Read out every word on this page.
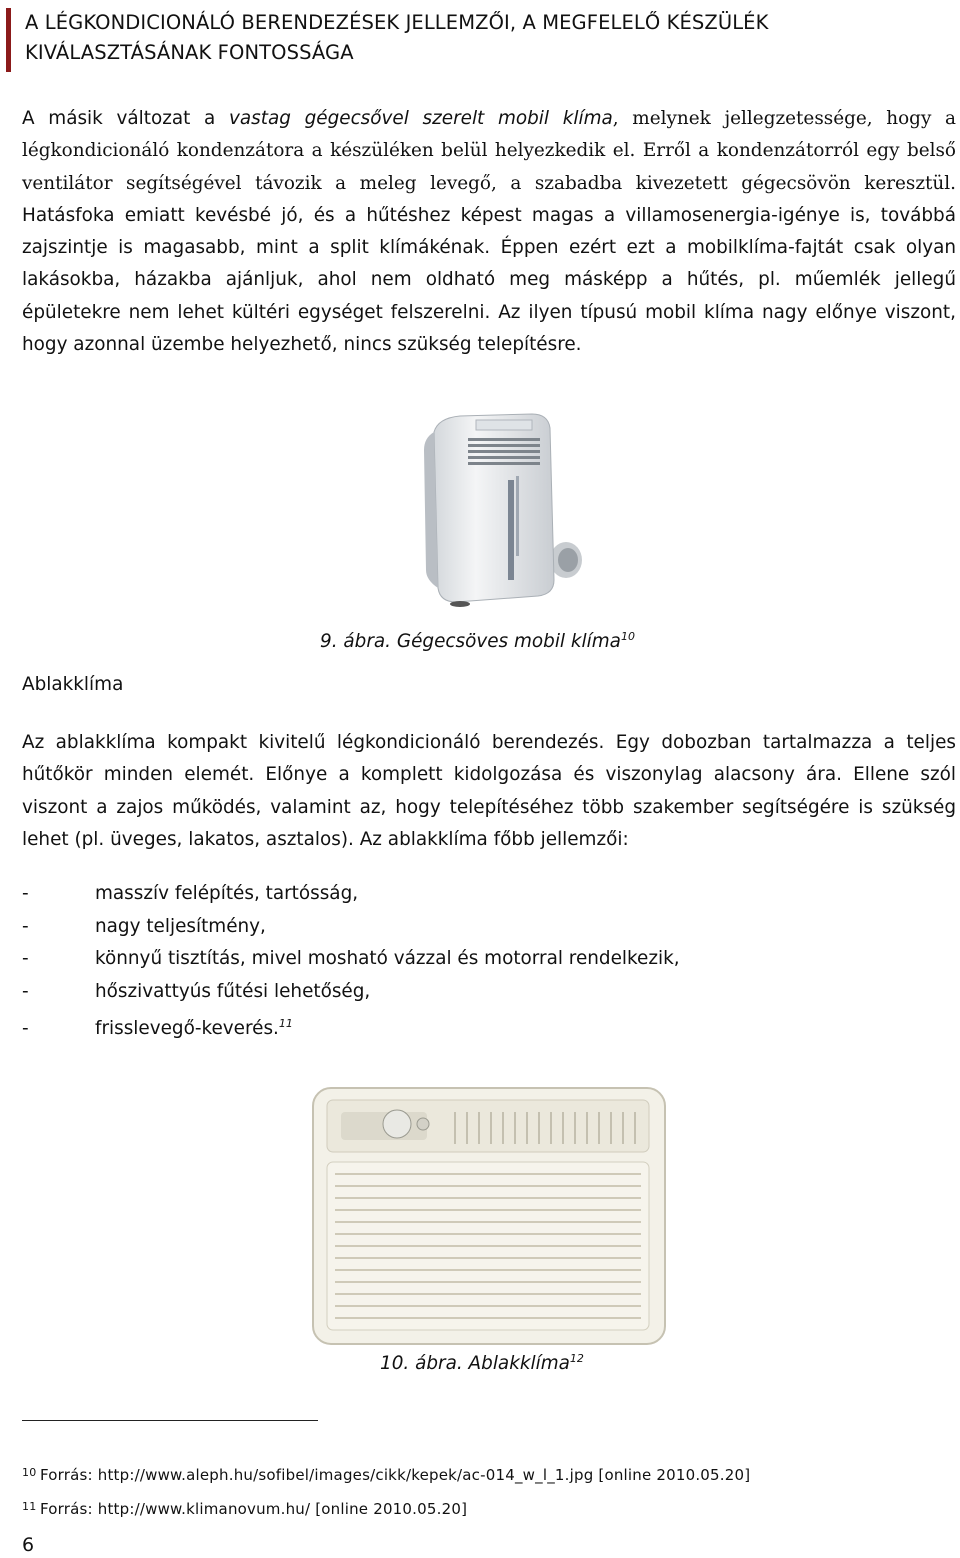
A LÉGKONDICIONÁLÓ BERENDEZÉSEK JELLEMZŐI, A MEGFELELŐ KÉSZÜLÉK KIVÁLASZTÁSÁNAK FONTOSSÁGA

A másik változat a vastag gégecsővel szerelt mobil klíma, melynek jellegzetessége, hogy a légkondicionáló kondenzátora a készüléken belül helyezkedik el. Erről a kondenzátorról egy belső ventilátor segítségével távozik a meleg levegő, a szabadba kivezetett gégecsövön keresztül. Hatásfoka emiatt kevésbé jó, és a hűtéshez képest magas a villamosenergia-igénye is, továbbá zajszintje is magasabb, mint a split klímákénak. Éppen ezért ezt a mobilklíma-fajtát csak olyan lakásokba, házakba ajánljuk, ahol nem oldható meg másképp a hűtés, pl. műemlék jellegű épületekre nem lehet kültéri egységet felszerelni. Az ilyen típusú mobil klíma nagy előnye viszont, hogy azonnal üzembe helyezhető, nincs szükség telepítésre.

9. ábra. Gégecsöves mobil klíma$^{10}$
Ablakklíma

Az ablakklíma kompakt kivitelű légkondicionáló berendezés. Egy dobozban tartalmazza a teljes hűtőkör minden elemét. Előnye a komplett kidolgozása és viszonylag alacsony ára. Ellene szól viszont a zajos működés, valamint az, hogy telepítéséhez több szakember segítségére is szükség lehet (pl. üveges, lakatos, asztalos). Az ablakklíma főbb jellemzői:

-	masszív felépítés, tartósság,
-	nagy teljesítmény,
-	könnyű tisztítás, mivel mosható vázzal és motorral rendelkezik,
-	hőszivattyús fűtési lehetőség,
-	frisslevegő-keverés.$^{11}$
10. ábra. Ablakklíma$^{12}$
10 Forrás: http://www.aleph.hu/sofibel/images/cikk/kepek/ac-014_w_l_1.jpg [online 2010.05.20]
11 Forrás: http://www.klimanovum.hu/ [online 2010.05.20]
6
